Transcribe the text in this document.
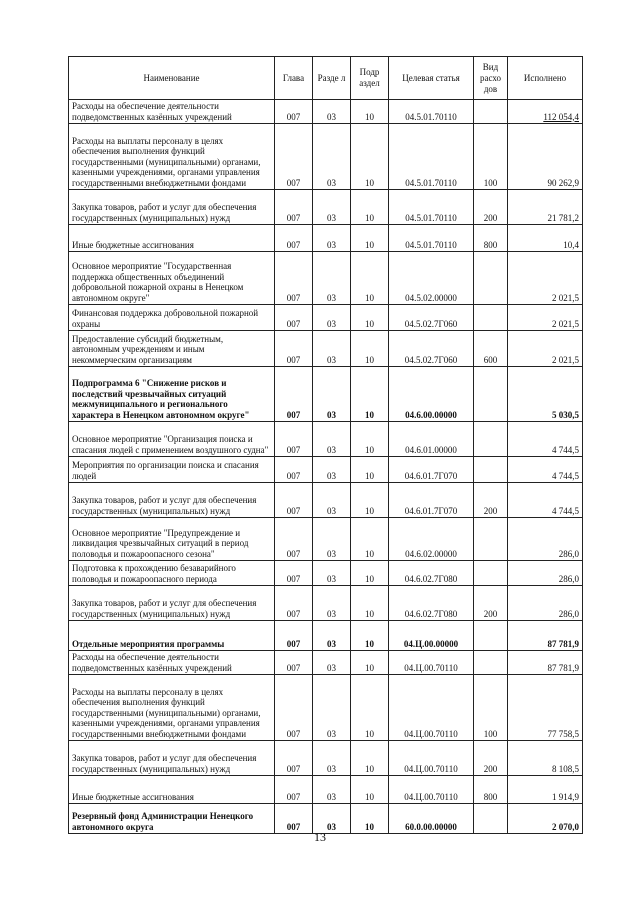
Наименование	Глава	Разде л	Подр аздел	Целевая статья	Вид расхо дов	Исполнено
Расходы на обеспечение деятельности подведомственных казённых учреждений	007	03	10	04.5.01.70110		112 054,4
Расходы на выплаты персоналу в целях обеспечения выполнения функций государственными (муниципальными) органами, казенными учреждениями, органами управления государственными внебюджетными фондами	007	03	10	04.5.01.70110	100	90 262,9
Закупка товаров, работ и услуг для обеспечения государственных (муниципальных) нужд	007	03	10	04.5.01.70110	200	21 781,2
Иные бюджетные ассигнования	007	03	10	04.5.01.70110	800	10,4
Основное мероприятие "Государственная поддержка общественных объединений добровольной пожарной охраны в Ненецком автономном округе"	007	03	10	04.5.02.00000		2 021,5
Финансовая поддержка добровольной пожарной охраны	007	03	10	04.5.02.7Г060		2 021,5
Предоставление субсидий бюджетным, автономным учреждениям и иным некоммерческим организациям	007	03	10	04.5.02.7Г060	600	2 021,5
Подпрограмма 6 "Снижение рисков и последствий чрезвычайных ситуаций межмуниципального и регионального характера в Ненецком автономном округе"	007	03	10	04.6.00.00000		5 030,5
Основное мероприятие "Организация поиска и спасания людей с применением воздушного судна"	007	03	10	04.6.01.00000		4 744,5
Мероприятия по организации поиска и спасания людей	007	03	10	04.6.01.7Г070		4 744,5
Закупка товаров, работ и услуг для обеспечения государственных (муниципальных) нужд	007	03	10	04.6.01.7Г070	200	4 744,5
Основное мероприятие "Предупреждение и ликвидация чрезвычайных ситуаций в период половодья и пожароопасного сезона"	007	03	10	04.6.02.00000		286,0
Подготовка к прохождению безаварийного половодья и пожароопасного периода	007	03	10	04.6.02.7Г080		286,0
Закупка товаров, работ и услуг для обеспечения государственных (муниципальных) нужд	007	03	10	04.6.02.7Г080	200	286,0
Отдельные мероприятия программы	007	03	10	04.Ц.00.00000		87 781,9
Расходы на обеспечение деятельности подведомственных казённых учреждений	007	03	10	04.Ц.00.70110		87 781,9
Расходы на выплаты персоналу в целях обеспечения выполнения функций государственными (муниципальными) органами, казенными учреждениями, органами управления государственными внебюджетными фондами	007	03	10	04.Ц.00.70110	100	77 758,5
Закупка товаров, работ и услуг для обеспечения государственных (муниципальных) нужд	007	03	10	04.Ц.00.70110	200	8 108,5
Иные бюджетные ассигнования	007	03	10	04.Ц.00.70110	800	1 914,9
Резервный фонд Администрации Ненецкого автономного округа	007	03	10	60.0.00.00000		2 070,0
13
